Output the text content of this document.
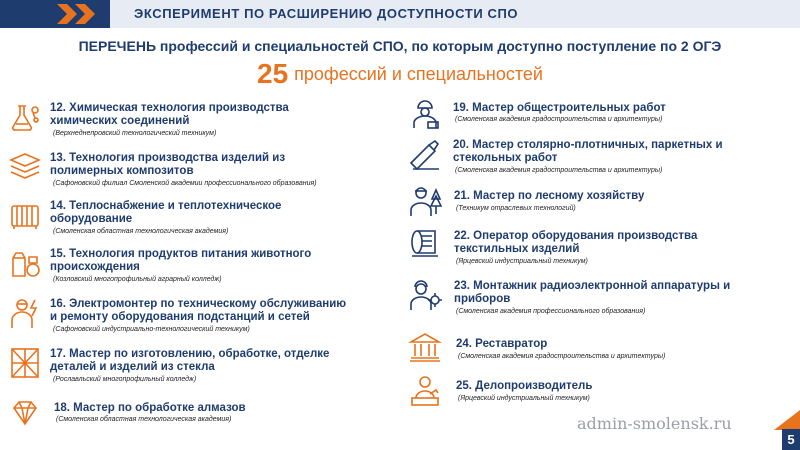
ЭКСПЕРИМЕНТ ПО РАСШИРЕНИЮ ДОСТУПНОСТИ СПО
ПЕРЕЧЕНЬ профессий и специальностей СПО, по которым доступно поступление по 2 ОГЭ
25 профессий и специальностей
12. Химическая технология производства
химических соединений
(Верхнеднепровский технологический техникум)
13. Технология производства изделий из
полимерных композитов
(Сафоновский филиал Смоленской академии профессионального образования)
14. Теплоснабжение и теплотехническое
оборудование
(Смоленская областная технологическая академия)
15. Технология продуктов питания животного
происхождения
(Козловский многопрофильный аграрный колледж)
16. Электромонтер по техническому обслуживанию
и ремонту оборудования подстанций и сетей
(Сафоновский индустриально-технологический техникум)
17. Мастер по изготовлению, обработке, отделке
деталей и изделий из стекла
(Рославльский многопрофильный колледж)
18. Мастер по обработке алмазов
(Смоленская областная технологическая академия)
19. Мастер общестроительных работ
(Смоленская академия градостроительства и архитектуры)
20. Мастер столярно-плотничных, паркетных и
стекольных работ
(Смоленская академия градостроительства и архитектуры)
21. Мастер по лесному хозяйству
(Техникум отраслевых технологий)
22. Оператор оборудования производства
текстильных изделий
(Ярцевский индустриальный техникум)
23. Монтажник радиоэлектронной аппаратуры и
приборов
(Смоленская академия профессионального образования)
24. Реставратор
(Смоленская академия градостроительства и архитектуры)
25. Делопроизводитель
(Ярцевский индустриальный техникум)
admin-smolensk.ru
5
